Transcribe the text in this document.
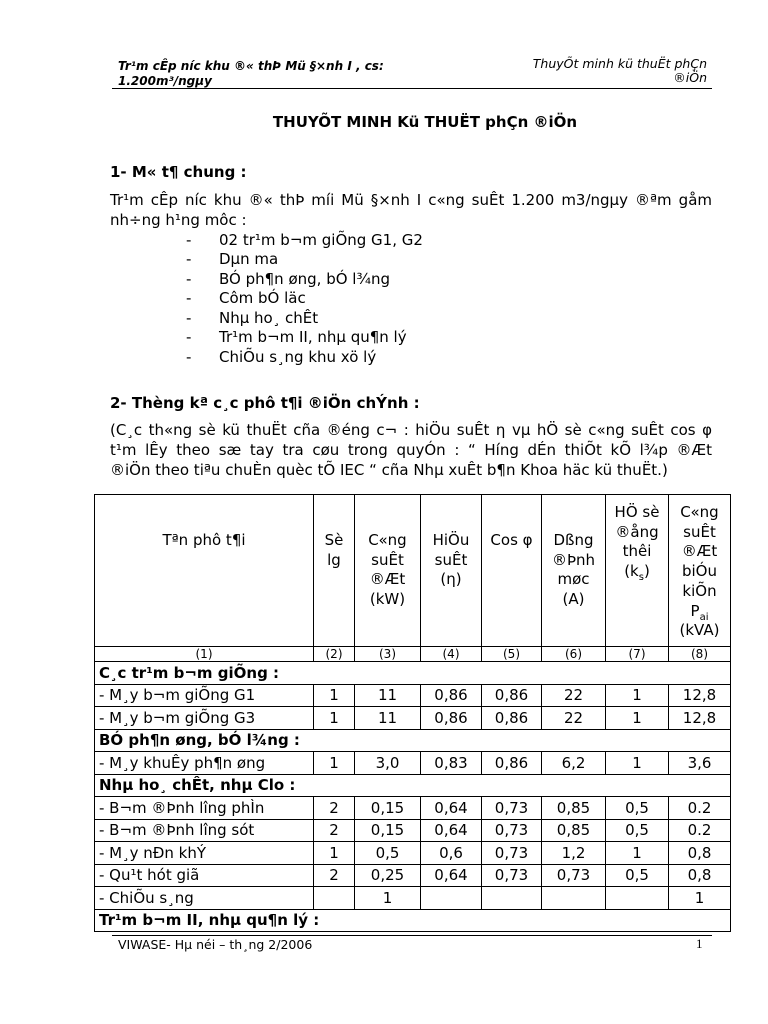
Tr¹m cÊp níc khu ®« thÞ Mü §×nh I , cs:
1.200m³/ngµy
ThuyÕt minh kü thuËt phÇn
®iÖn
THUYÕT MINH Kü THUËT phÇn ®iÖn
1- M« t¶ chung :
Tr¹m cÊp níc khu ®« thÞ míi Mü §×nh I c«ng suÊt 1.200 m3/ngµy ®ªm gåm
nh÷ng h¹ng môc :
- 02 tr¹m b¬m giÕng G1, G2
- Dµn ma
- BÓ ph¶n øng, bÓ l¾ng
- Côm bÓ läc
- Nhµ ho¸ chÊt
- Tr¹m b¬m II, nhµ qu¶n lý
- ChiÕu s¸ng khu xö lý
2- Thèng kª c¸c phô t¶i ®iÖn chÝnh :
(C¸c th«ng sè kü thuËt cña ®éng c¬ : hiÖu suÊt η vµ hÖ sè c«ng suÊt cos φ
t¹m lÊy theo sæ tay tra cøu trong quyÓn : “ Híng dÉn thiÕt kÕ l¾p ®Æt
®iÖn theo tiªu chuÈn quèc tÕ IEC “ cña Nhµ xuÊt b¶n Khoa häc kü thuËt.)
Tªn phô t¶i	Sè lg	C«ng suÊt ®Æt (kW)	HiÖu suÊt (η)	Cos φ	Dßng ®Þnh møc (A)	HÖ sè ®ång thêi $(k_s)$	C«ng suÊt ®Æt biÓu kiÕn $P_{ai}$ (kVA)
(1)	(2)	(3)	(4)	(5)	(6)	(7)	(8)
C¸c tr¹m b¬m giÕng :							
- M¸y b¬m giÕng G1	1	11	0,86	0,86	22	1	12,8
- M¸y b¬m giÕng G3	1	11	0,86	0,86	22	1	12,8
BÓ ph¶n øng, bÓ l¾ng :							
- M¸y khuÊy ph¶n øng	1	3,0	0,83	0,86	6,2	1	3,6
Nhµ ho¸ chÊt, nhµ Clo :							
- B¬m ®Þnh lîng phÌn	2	0,15	0,64	0,73	0,85	0,5	0.2
- B¬m ®Þnh lîng sót	2	0,15	0,64	0,73	0,85	0,5	0.2
- M¸y nÐn khÝ	1	0,5	0,6	0,73	1,2	1	0,8
- Qu¹t hót giã	2	0,25	0,64	0,73	0,73	0,5	0,8
- ChiÕu s¸ng		1					1
Tr¹m b¬m II, nhµ qu¶n lý :							
VIWASE- Hµ néi – th¸ng 2/2006	1
